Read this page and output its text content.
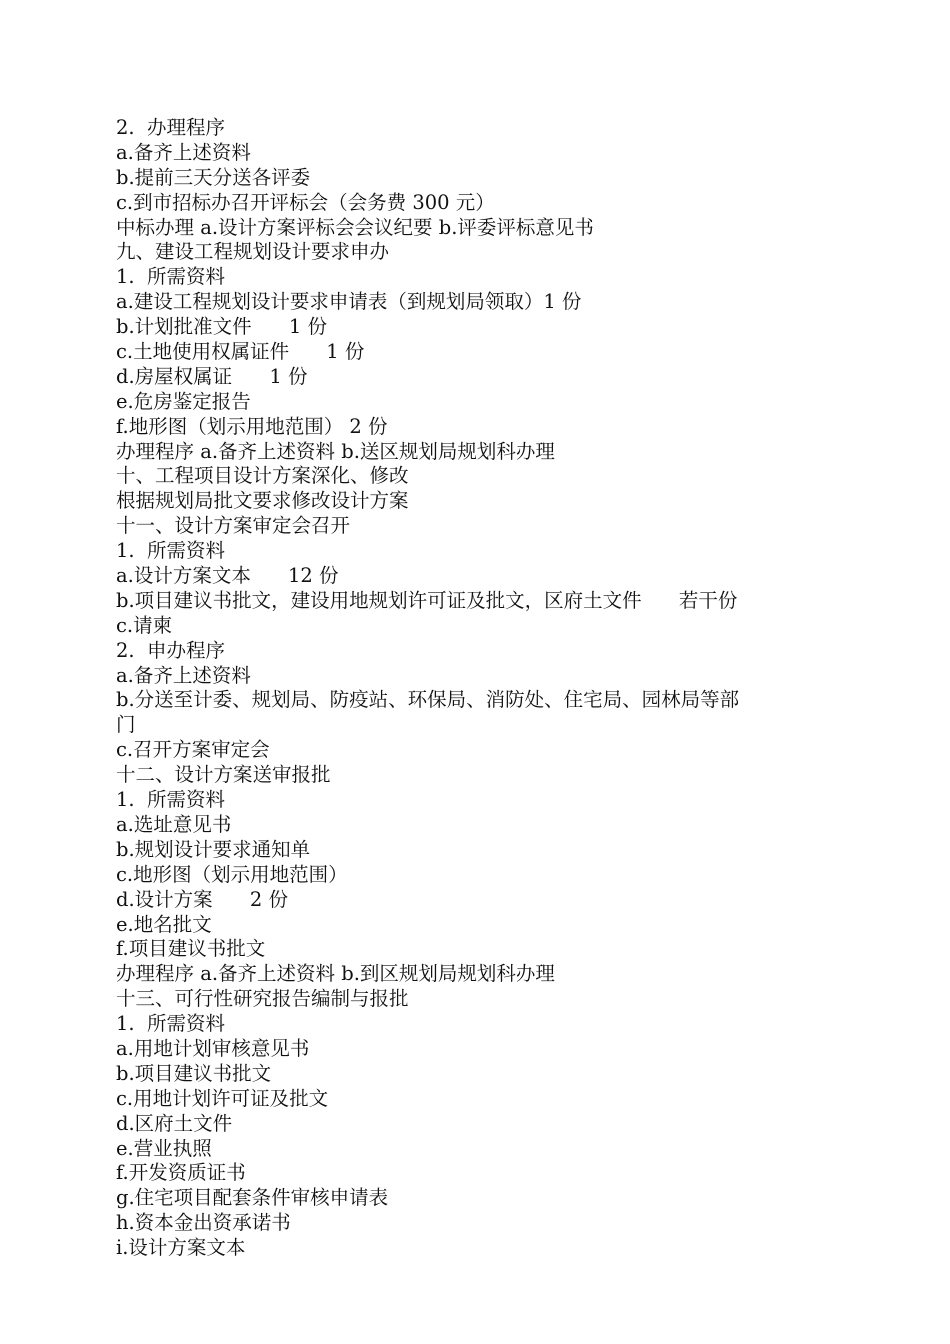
2.  办理程序
a.备齐上述资料
b.提前三天分送各评委
c.到市招标办召开评标会（会务费 300 元）
中标办理 a.设计方案评标会会议纪要 b.评委评标意见书
九、建设工程规划设计要求申办
1.  所需资料
a.建设工程规划设计要求申请表（到规划局领取）1 份
b.计划批准文件      1 份
c.土地使用权属证件      1 份
d.房屋权属证      1 份
e.危房鉴定报告
f.地形图（划示用地范围） 2 份
办理程序 a.备齐上述资料 b.送区规划局规划科办理
十、工程项目设计方案深化、修改
根据规划局批文要求修改设计方案
十一、设计方案审定会召开
1.  所需资料
a.设计方案文本      12 份
b.项目建议书批文，建设用地规划许可证及批文，区府土文件      若干份
c.请柬
2.  申办程序
a.备齐上述资料
b.分送至计委、规划局、防疫站、环保局、消防处、住宅局、园林局等部
门
c.召开方案审定会
十二、设计方案送审报批
1.  所需资料
a.选址意见书
b.规划设计要求通知单
c.地形图（划示用地范围）
d.设计方案      2 份
e.地名批文
f.项目建议书批文
办理程序 a.备齐上述资料 b.到区规划局规划科办理
十三、可行性研究报告编制与报批
1.  所需资料
a.用地计划审核意见书
b.项目建议书批文
c.用地计划许可证及批文
d.区府土文件
e.营业执照
f.开发资质证书
g.住宅项目配套条件审核申请表
h.资本金出资承诺书
i.设计方案文本
